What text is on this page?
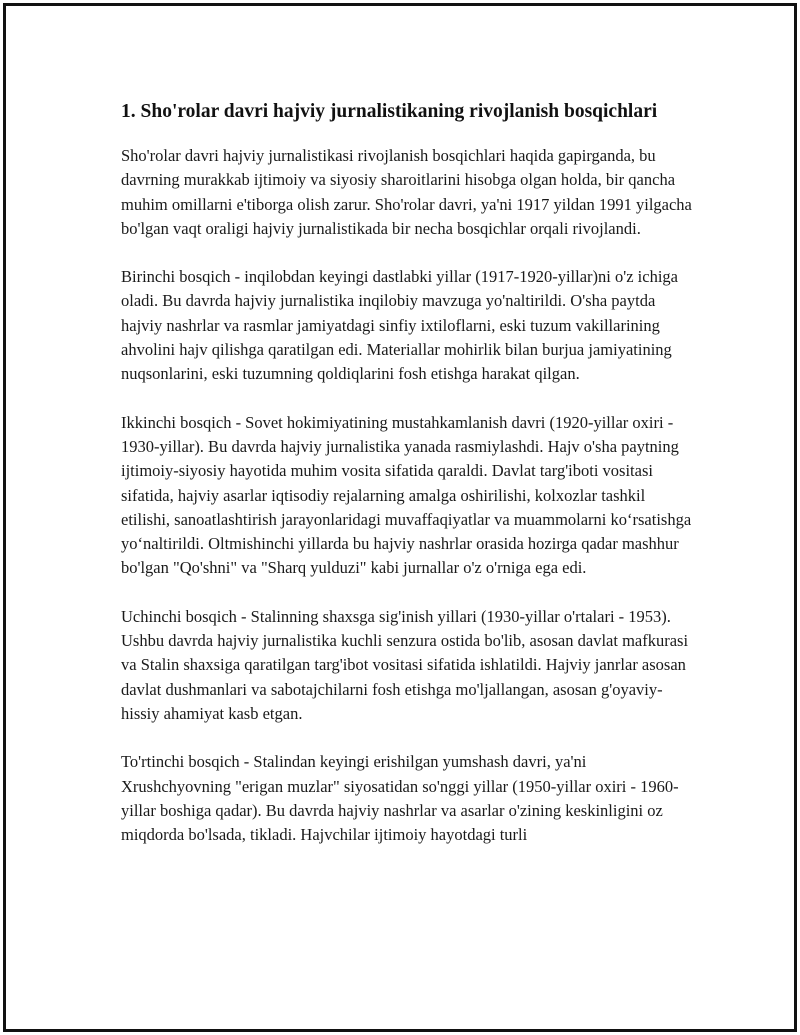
1. Sho'rolar davri hajviy jurnalistikaning rivojlanish bosqichlari

Sho'rolar davri hajviy jurnalistikasi rivojlanish bosqichlari haqida gapirganda, bu davrning murakkab ijtimoiy va siyosiy sharoitlarini hisobga olgan holda, bir qancha muhim omillarni e'tiborga olish zarur. Sho'rolar davri, ya'ni 1917 yildan 1991 yilgacha bo'lgan vaqt oraligi hajviy jurnalistikada bir necha bosqichlar orqali rivojlandi.

Birinchi bosqich - inqilobdan keyingi dastlabki yillar (1917-1920-yillar)ni o'z ichiga oladi. Bu davrda hajviy jurnalistika inqilobiy mavzuga yo'naltirildi. O'sha paytda hajviy nashrlar va rasmlar jamiyatdagi sinfiy ixtiloflarni, eski tuzum vakillarining ahvolini hajv qilishga qaratilgan edi. Materiallar mohirlik bilan burjua jamiyatining nuqsonlarini, eski tuzumning qoldiqlarini fosh etishga harakat qilgan.

Ikkinchi bosqich - Sovet hokimiyatining mustahkamlanish davri (1920-yillar oxiri - 1930-yillar). Bu davrda hajviy jurnalistika yanada rasmiylashdi. Hajv o'sha paytning ijtimoiy-siyosiy hayotida muhim vosita sifatida qaraldi. Davlat targ'iboti vositasi sifatida, hajviy asarlar iqtisodiy rejalarning amalga oshirilishi, kolxozlar tashkil etilishi, sanoatlashtirish jarayonlaridagi muvaffaqiyatlar va muammolarni ko‘rsatishga yo‘naltirildi. Oltmishinchi yillarda bu hajviy nashrlar orasida hozirga qadar mashhur bo'lgan "Qo'shni" va "Sharq yulduzi" kabi jurnallar o'z o'rniga ega edi.

Uchinchi bosqich - Stalinning shaxsga sig'inish yillari (1930-yillar o'rtalari - 1953). Ushbu davrda hajviy jurnalistika kuchli senzura ostida bo'lib, asosan davlat mafkurasi va Stalin shaxsiga qaratilgan targ'ibot vositasi sifatida ishlatildi. Hajviy janrlar asosan davlat dushmanlari va sabotajchilarni fosh etishga mo'ljallangan, asosan g'oyaviy-hissiy ahamiyat kasb etgan.

To'rtinchi bosqich - Stalindan keyingi erishilgan yumshash davri, ya'ni Xrushchyovning "erigan muzlar" siyosatidan so'nggi yillar (1950-yillar oxiri - 1960-yillar boshiga qadar). Bu davrda hajviy nashrlar va asarlar o'zining keskinligini oz miqdorda bo'lsada, tikladi. Hajvchilar ijtimoiy hayotdagi turli
